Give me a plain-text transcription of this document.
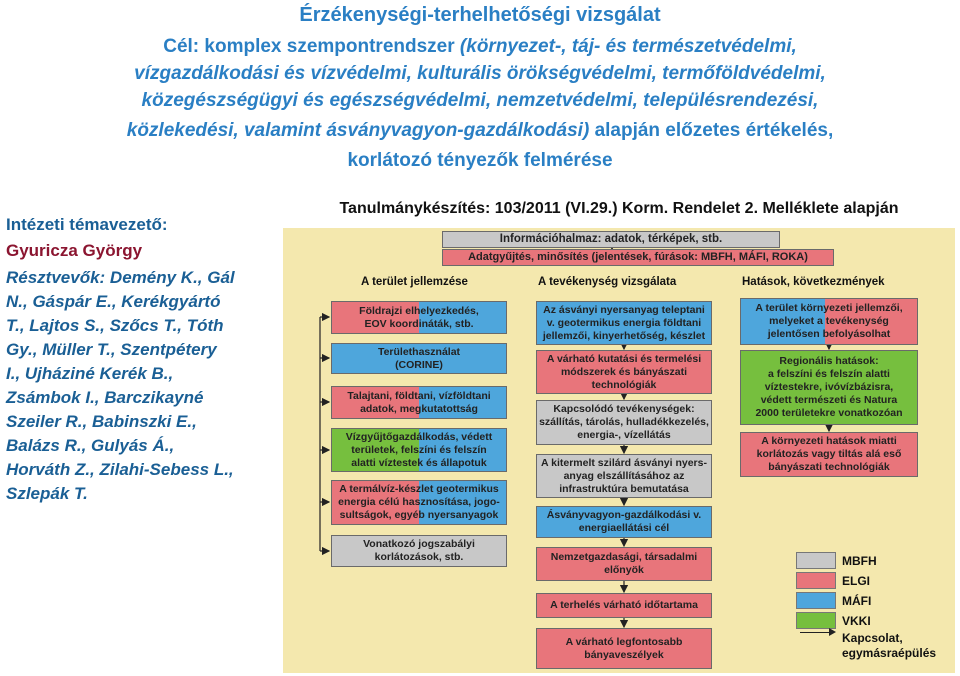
Érzékenységi-terhelhetőségi vizsgálat
Cél: komplex szempontrendszer (környezet-, táj- és természetvédelmi,
vízgazdálkodási és vízvédelmi, kulturális örökségvédelmi, termőföldvédelmi,
közegészségügyi és egészségvédelmi, nemzetvédelmi, településrendezési,
közlekedési, valamint ásványvagyon-gazdálkodási) alapján előzetes értékelés,
korlátozó tényezők felmérése
Intézeti témavezető:
Gyuricza György
Résztvevők: Demény K., Gál
N., Gáspár E., Kerékgyártó
T., Lajtos S., Szőcs T., Tóth
Gy., Müller T., Szentpétery
I., Ujháziné Kerék B.,
Zsámbok I., Barczikayné
Szeiler R., Babinszki E.,
Balázs R., Gulyás Á.,
Horváth Z., Zilahi-Sebess L.,
Szlepák T.
Tanulmánykészítés: 103/2011 (VI.29.) Korm. Rendelet 2. Melléklete alapján
Információhalmaz: adatok, térképek, stb.
Adatgyűjtés, minősítés (jelentések, fúrások: MBFH, MÁFI, ROKA)
A terület jellemzése	A tevékenység vizsgálata	Hatások, következmények
Földrajzi elhelyezkedés,
EOV koordináták, stb.
Területhasználat
(CORINE)
Talajtani, földtani, vízföldtani
adatok, megkutatottság
Vízgyűjtőgazdálkodás, védett
területek, felszíni és felszín
alatti víztestek és állapotuk
A termálvíz-készlet geotermikus
energia célú hasznosítása, jogo-
sultságok, egyéb nyersanyagok
Vonatkozó jogszabályi
korlátozások, stb.
Az ásványi nyersanyag teleptani
v. geotermikus energia földtani
jellemzői, kinyerhetőség, készlet
A várható kutatási és termelési
módszerek és bányászati
technológiák
Kapcsolódó tevékenységek:
szállítás, tárolás, hulladékkezelés,
energia-, vízellátás
A kitermelt szilárd ásványi nyers-
anyag elszállításához az
infrastruktúra bemutatása
Ásványvagyon-gazdálkodási v.
energiaellátási cél
Nemzetgazdasági, társadalmi
előnyök
A terhelés várható időtartama
A várható legfontosabb
bányaveszélyek
A terület környezeti jellemzői,
melyeket a tevékenység
jelentősen befolyásolhat
Regionális hatások:
a felszíni és felszín alatti
víztestekre, ivóvízbázisra,
védett természeti és Natura
2000 területekre vonatkozóan
A környezeti hatások miatti
korlátozás vagy tiltás alá eső
bányászati technológiák
MBFH
ELGI
MÁFI
VKKI
Kapcsolat,
egymásraépülés
